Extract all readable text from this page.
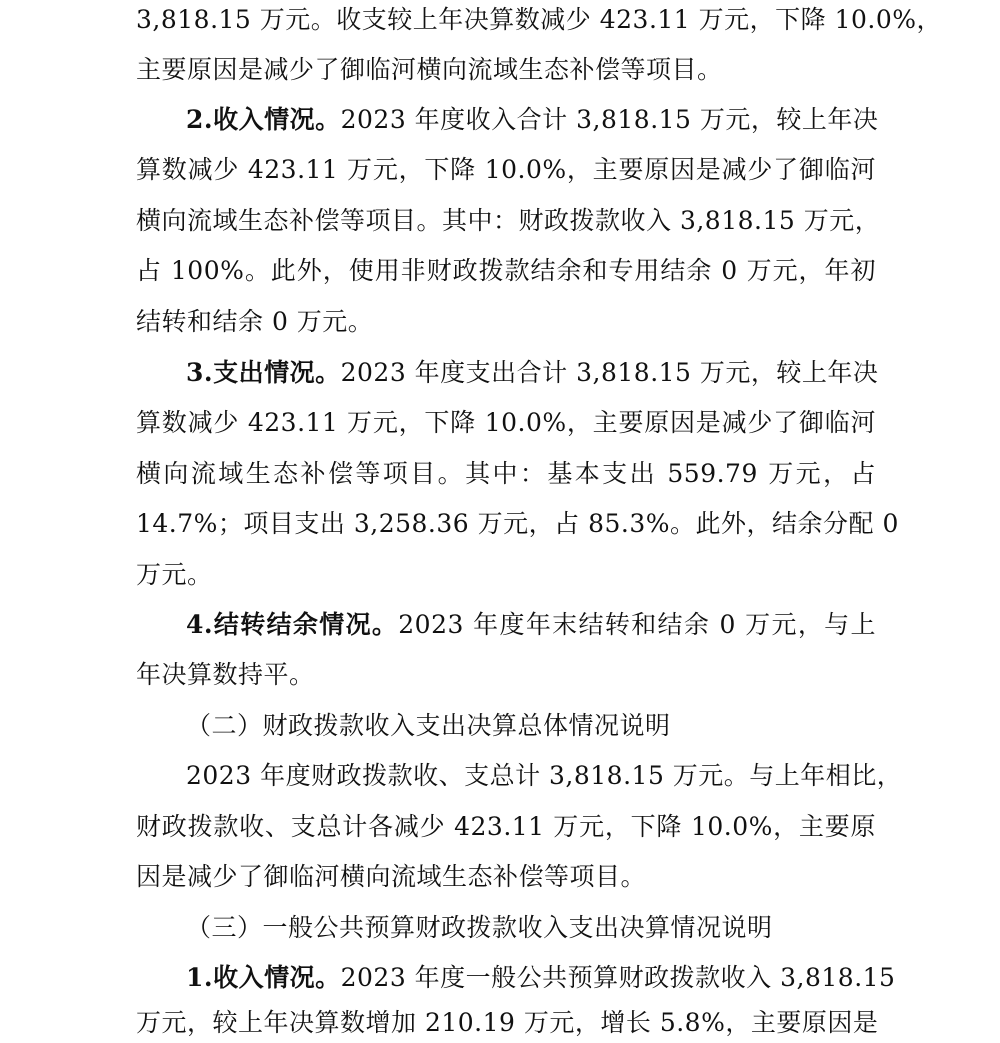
3,818.15 万元。收支较上年决算数减少 423.11 万元，下降 10.0%，
主要原因是减少了御临河横向流域生态补偿等项目。
2.收入情况。2023 年度收入合计 3,818.15 万元，较上年决
算数减少 423.11 万元，下降 10.0%，主要原因是减少了御临河
横向流域生态补偿等项目。其中：财政拨款收入 3,818.15 万元，
占 100%。此外，使用非财政拨款结余和专用结余 0 万元，年初
结转和结余 0 万元。
3.支出情况。2023 年度支出合计 3,818.15 万元，较上年决
算数减少 423.11 万元，下降 10.0%，主要原因是减少了御临河
横向流域生态补偿等项目。其中：基本支出 559.79 万元，占
14.7%；项目支出 3,258.36 万元，占 85.3%。此外，结余分配 0
万元。
4.结转结余情况。2023 年度年末结转和结余 0 万元，与上
年决算数持平。
（二）财政拨款收入支出决算总体情况说明
2023 年度财政拨款收、支总计 3,818.15 万元。与上年相比，
财政拨款收、支总计各减少 423.11 万元，下降 10.0%，主要原
因是减少了御临河横向流域生态补偿等项目。
（三）一般公共预算财政拨款收入支出决算情况说明
1.收入情况。2023 年度一般公共预算财政拨款收入 3,818.15
万元，较上年决算数增加 210.19 万元，增长 5.8%，主要原因是
